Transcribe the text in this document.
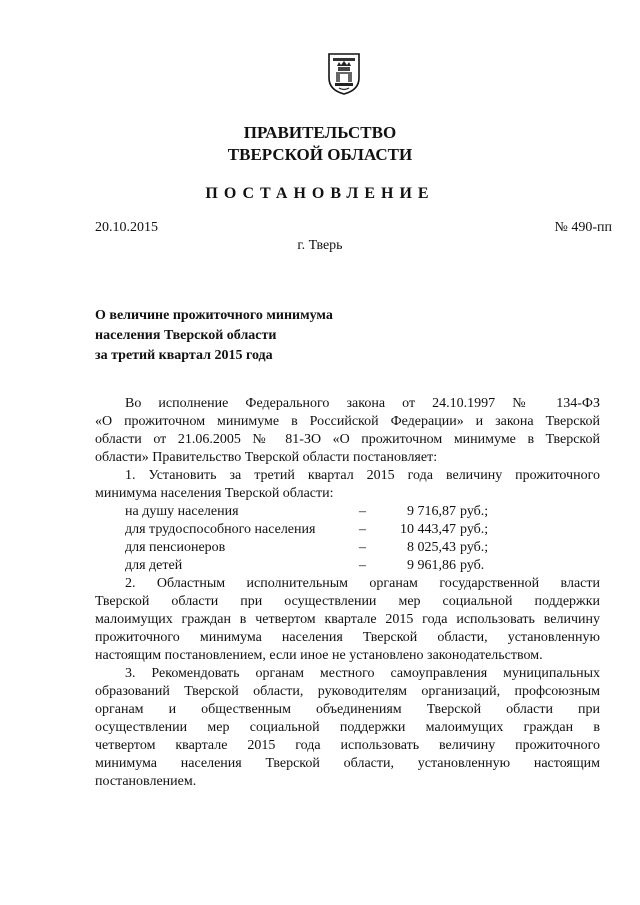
ПРАВИТЕЛЬСТВО
ТВЕРСКОЙ ОБЛАСТИ
ПОСТАНОВЛЕНИЕ
20.10.2015	№ 490-пп
г. Тверь
О величине прожиточного минимума
населения Тверской области
за третий квартал 2015 года
Во исполнение Федерального закона от 24.10.1997 № 134-ФЗ
«О прожиточном минимуме в Российской Федерации» и закона Тверской
области от 21.06.2005 № 81-ЗО «О прожиточном минимуме в Тверской
области» Правительство Тверской области постановляет:
1. Установить за третий квартал 2015 года величину прожиточного
минимума населения Тверской области:
на душу населения	–	9 716,87 руб.;
для трудоспособного населения	–	10 443,47 руб.;
для пенсионеров	–	8 025,43 руб.;
для детей	–	9 961,86 руб.
2. Областным исполнительным органам государственной власти
Тверской области при осуществлении мер социальной поддержки
малоимущих граждан в четвертом квартале 2015 года использовать величину
прожиточного минимума населения Тверской области, установленную
настоящим постановлением, если иное не установлено законодательством.
3. Рекомендовать органам местного самоуправления муниципальных
образований Тверской области, руководителям организаций, профсоюзным
органам и общественным объединениям Тверской области при
осуществлении мер социальной поддержки малоимущих граждан в
четвертом квартале 2015 года использовать величину прожиточного
минимума населения Тверской области, установленную настоящим
постановлением.
